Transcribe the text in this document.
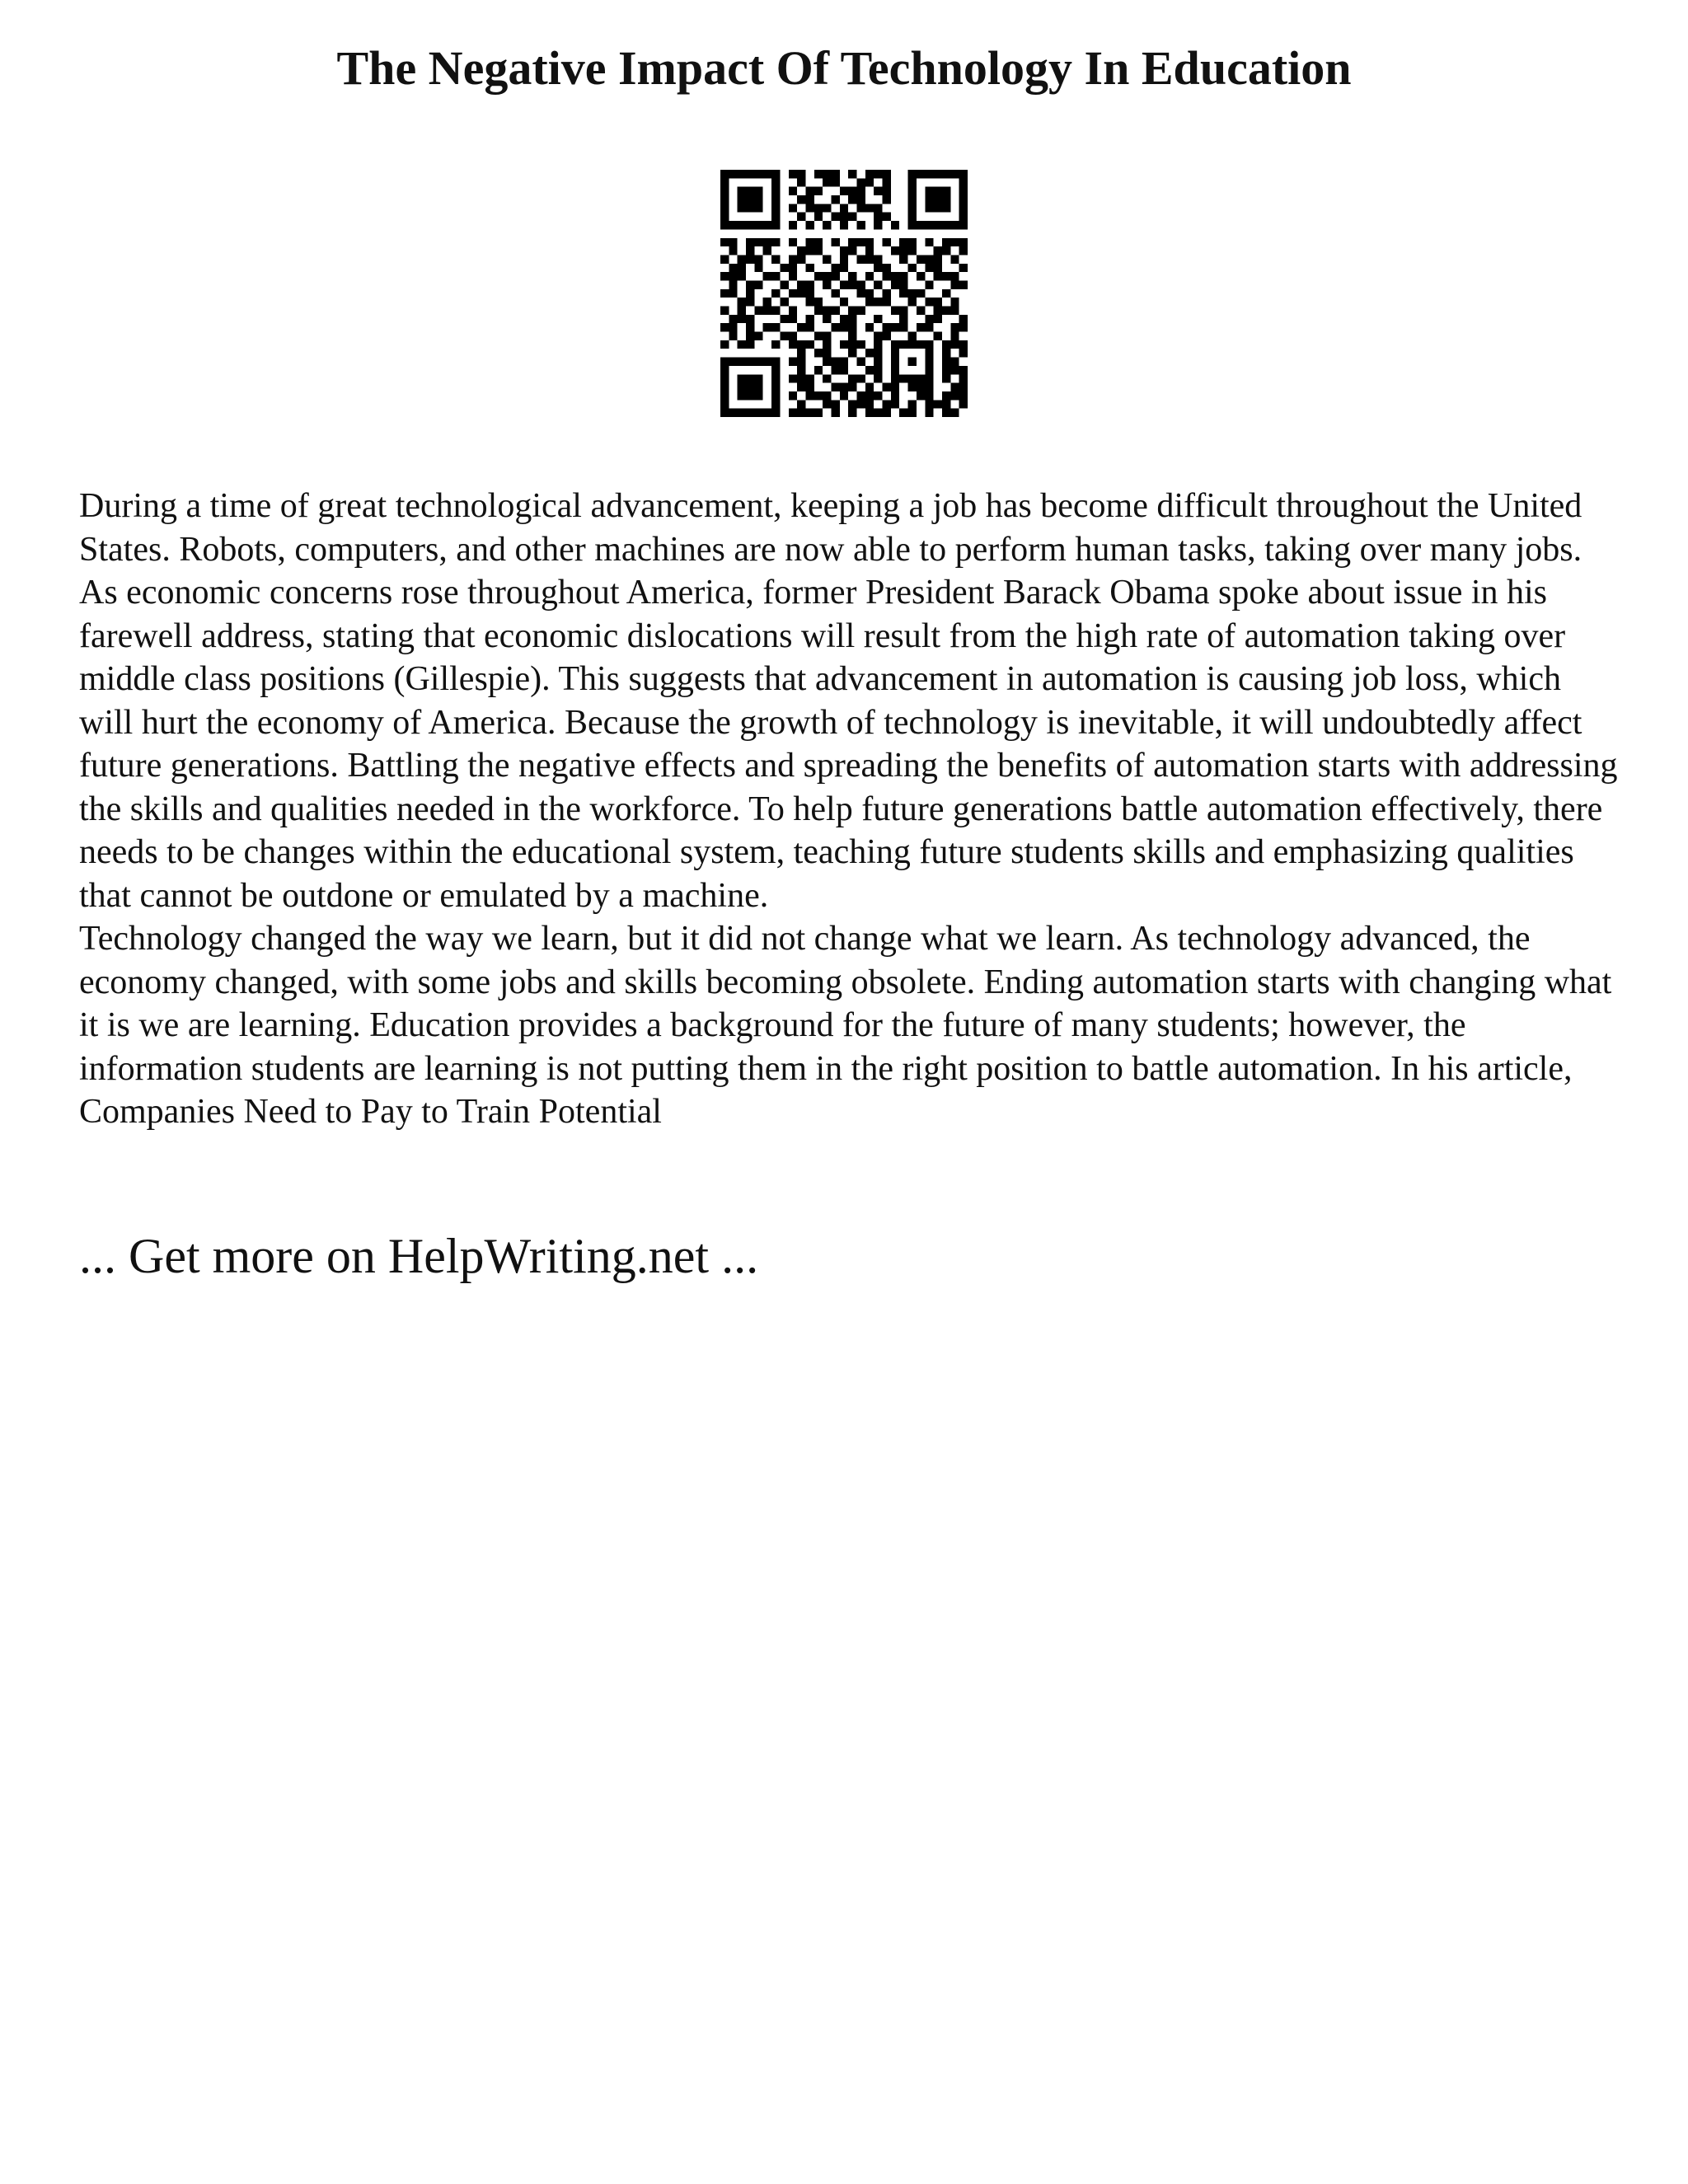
The Negative Impact Of Technology In Education

During a time of great technological advancement, keeping a job has become difficult throughout the United States. Robots, computers, and other machines are now able to perform human tasks, taking over many jobs. As economic concerns rose throughout America, former President Barack Obama spoke about issue in his farewell address, stating that economic dislocations will result from the high rate of automation taking over middle class positions (Gillespie). This suggests that advancement in automation is causing job loss, which will hurt the economy of America. Because the growth of technology is inevitable, it will undoubtedly affect future generations. Battling the negative effects and spreading the benefits of automation starts with addressing the skills and qualities needed in the workforce. To help future generations battle automation effectively, there needs to be changes within the educational system, teaching future students skills and emphasizing qualities that cannot be outdone or emulated by a machine.

Technology changed the way we learn, but it did not change what we learn. As technology advanced, the economy changed, with some jobs and skills becoming obsolete. Ending automation starts with changing what it is we are learning. Education provides a background for the future of many students; however, the information students are learning is not putting them in the right position to battle automation. In his article, Companies Need to Pay to Train Potential

... Get more on HelpWriting.net ...
